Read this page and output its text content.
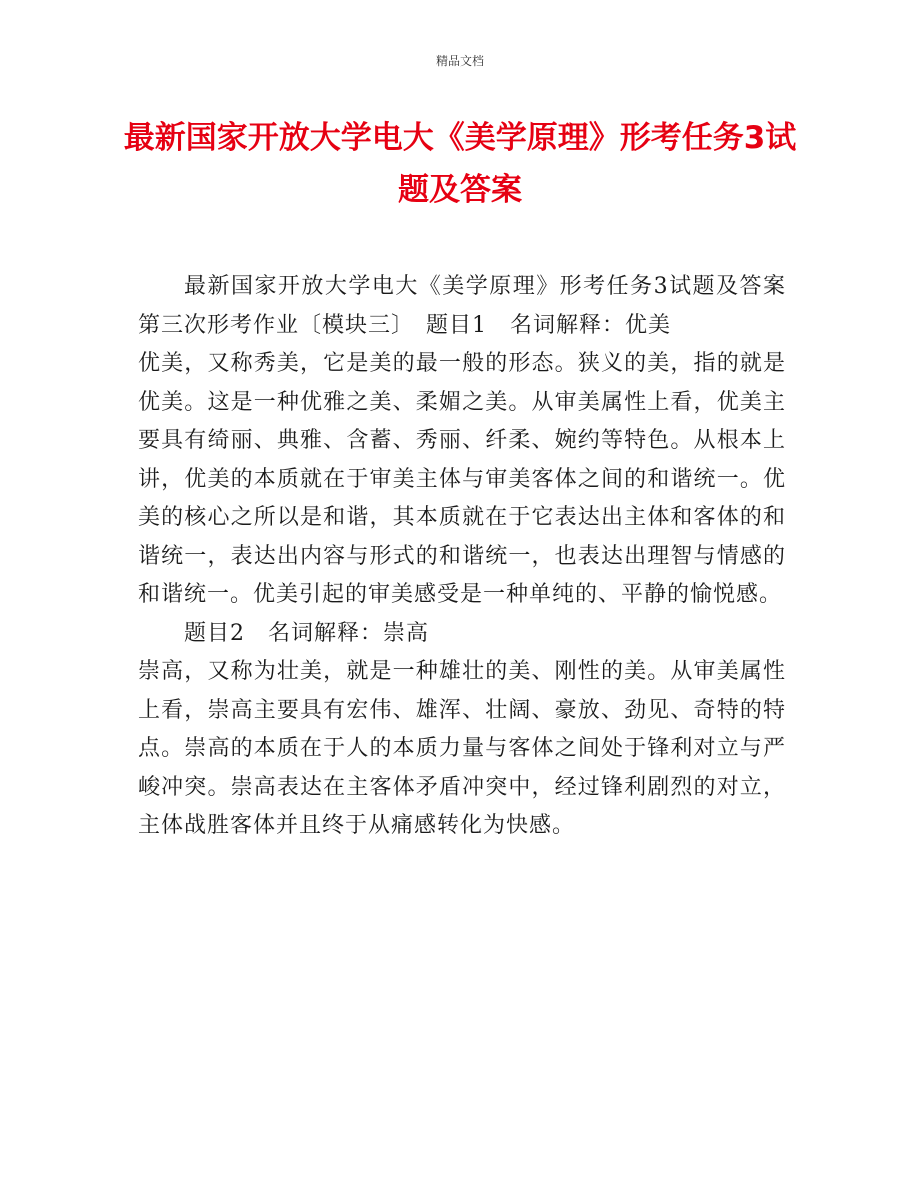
精品文档
最新国家开放大学电大《美学原理》形考任务3试题及答案

最新国家开放大学电大《美学原理》形考任务3试题及答案　第三次形考作业〔模块三〕　题目1　名词解释：优美

优美，又称秀美，它是美的最一般的形态。狭义的美，指的就是优美。这是一种优雅之美、柔媚之美。从审美属性上看，优美主要具有绮丽、典雅、含蓄、秀丽、纤柔、婉约等特色。从根本上讲，优美的本质就在于审美主体与审美客体之间的和谐统一。优美的核心之所以是和谐，其本质就在于它表达出主体和客体的和谐统一，表达出内容与形式的和谐统一，也表达出理智与情感的和谐统一。优美引起的审美感受是一种单纯的、平静的愉悦感。

题目2　名词解释：崇高

崇高，又称为壮美，就是一种雄壮的美、刚性的美。从审美属性上看，崇高主要具有宏伟、雄浑、壮阔、豪放、劲见、奇特的特点。崇高的本质在于人的本质力量与客体之间处于锋利对立与严峻冲突。崇高表达在主客体矛盾冲突中，经过锋利剧烈的对立，主体战胜客体并且终于从痛感转化为快感。
